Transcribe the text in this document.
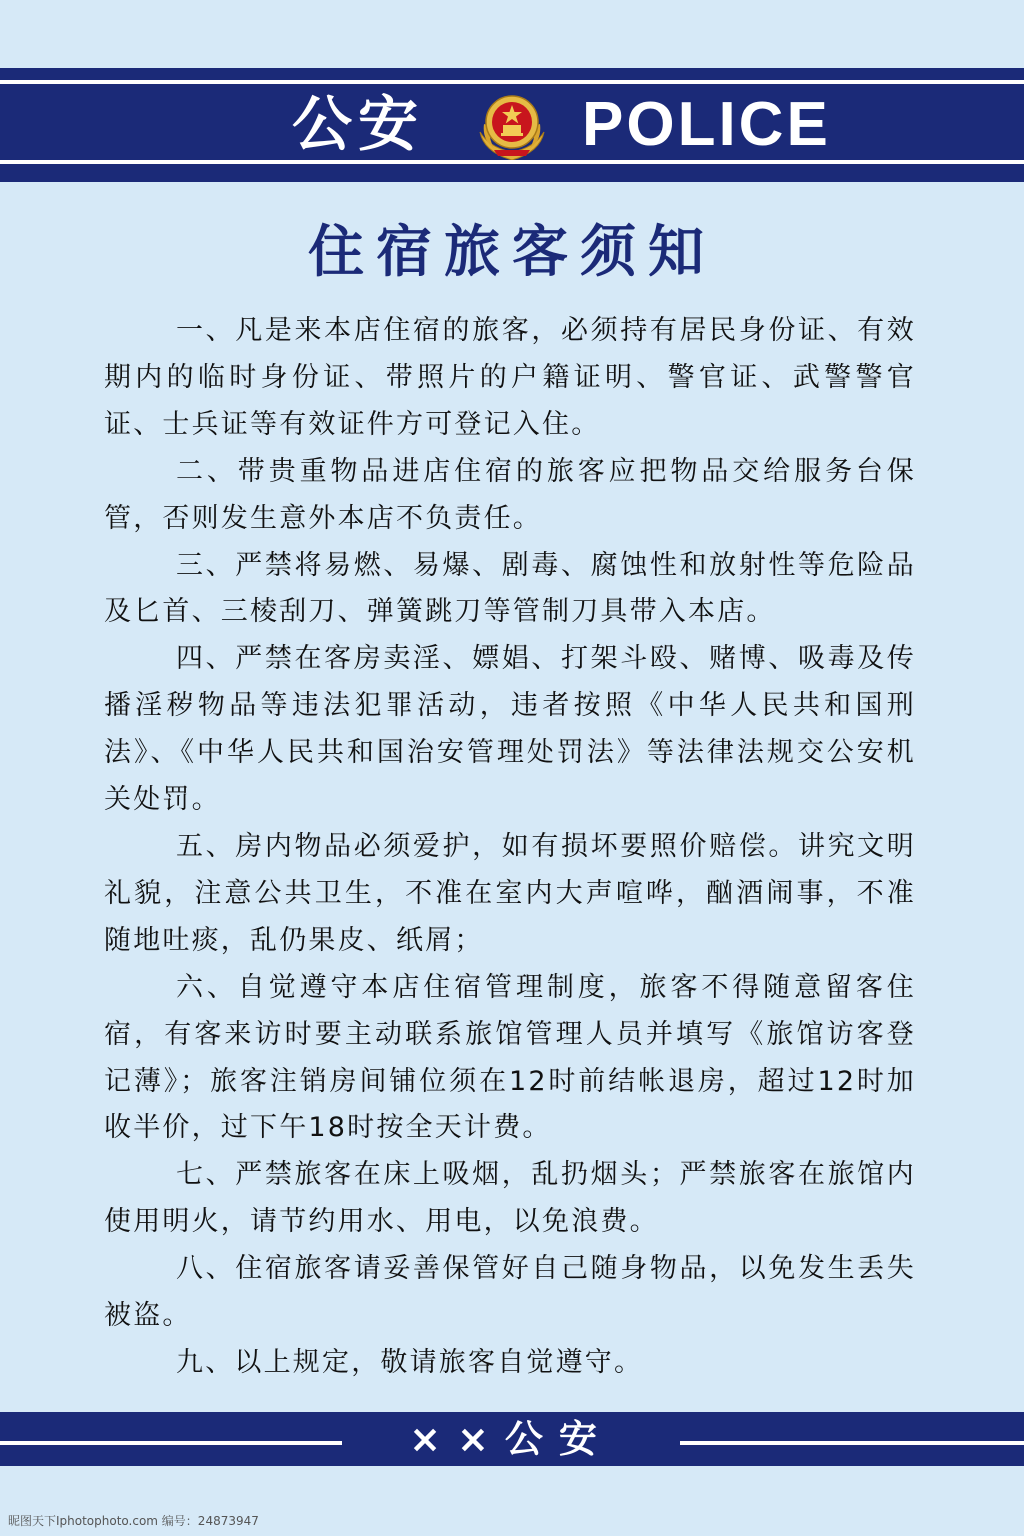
公安	POLICE
住宿旅客须知

一、凡是来本店住宿的旅客，必须持有居民身份证、有效期内的临时身份证、带照片的户籍证明、警官证、武警警官证、士兵证等有效证件方可登记入住。

二、带贵重物品进店住宿的旅客应把物品交给服务台保管，否则发生意外本店不负责任。

三、严禁将易燃、易爆、剧毒、腐蚀性和放射性等危险品及匕首、三棱刮刀、弹簧跳刀等管制刀具带入本店。

四、严禁在客房卖淫、嫖娼、打架斗殴、赌博、吸毒及传播淫秽物品等违法犯罪活动，违者按照《中华人民共和国刑法》、《中华人民共和国治安管理处罚法》等法律法规交公安机关处罚。

五、房内物品必须爱护，如有损坏要照价赔偿。讲究文明礼貌，注意公共卫生，不准在室内大声喧哗，酗酒闹事，不准随地吐痰，乱仍果皮、纸屑；

六、自觉遵守本店住宿管理制度，旅客不得随意留客住宿，有客来访时要主动联系旅馆管理人员并填写《旅馆访客登记薄》；旅客注销房间铺位须在12时前结帐退房，超过12时加收半价，过下午18时按全天计费。

七、严禁旅客在床上吸烟，乱扔烟头；严禁旅客在旅馆内使用明火，请节约用水、用电，以免浪费。

八、住宿旅客请妥善保管好自己随身物品，以免发生丢失被盗。

九、以上规定，敬请旅客自觉遵守。

××公安
昵图天下Iphotophoto.com 编号：24873947
